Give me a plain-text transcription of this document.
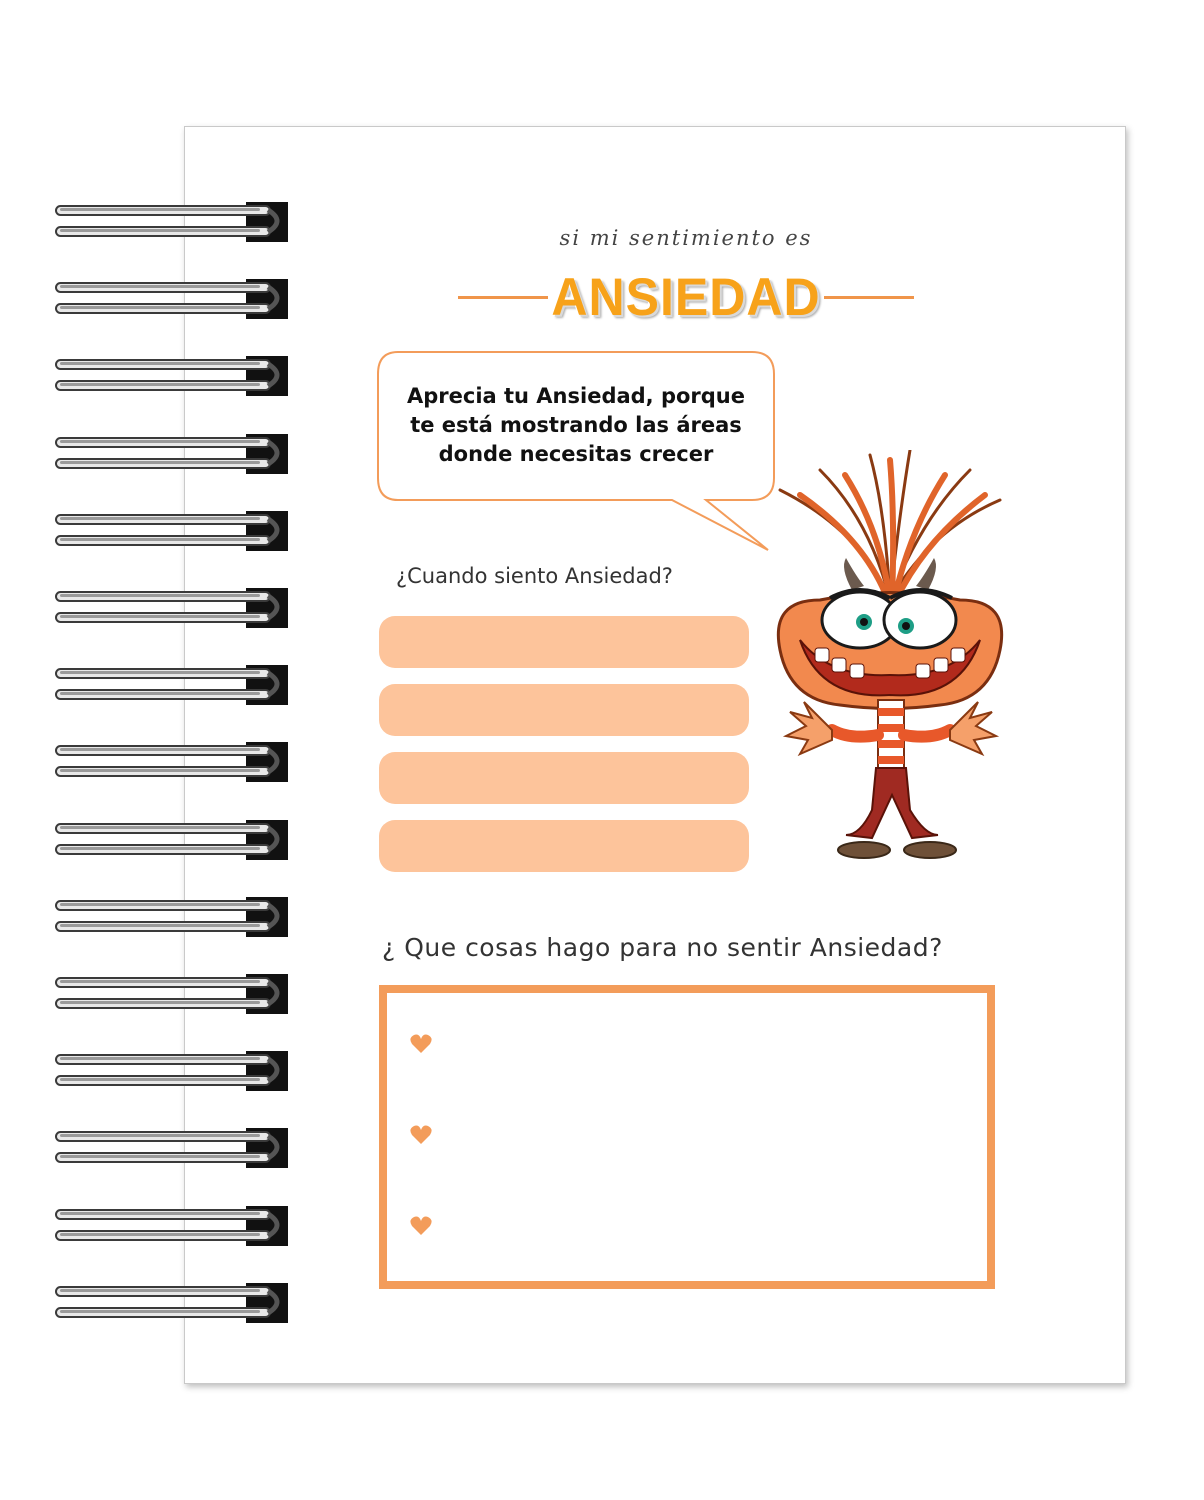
si mi sentimiento es
ANSIEDAD
Aprecia tu Ansiedad, porque
te está mostrando las áreas
donde necesitas crecer
¿Cuando siento Ansiedad?
¿ Que cosas hago para no sentir Ansiedad?
